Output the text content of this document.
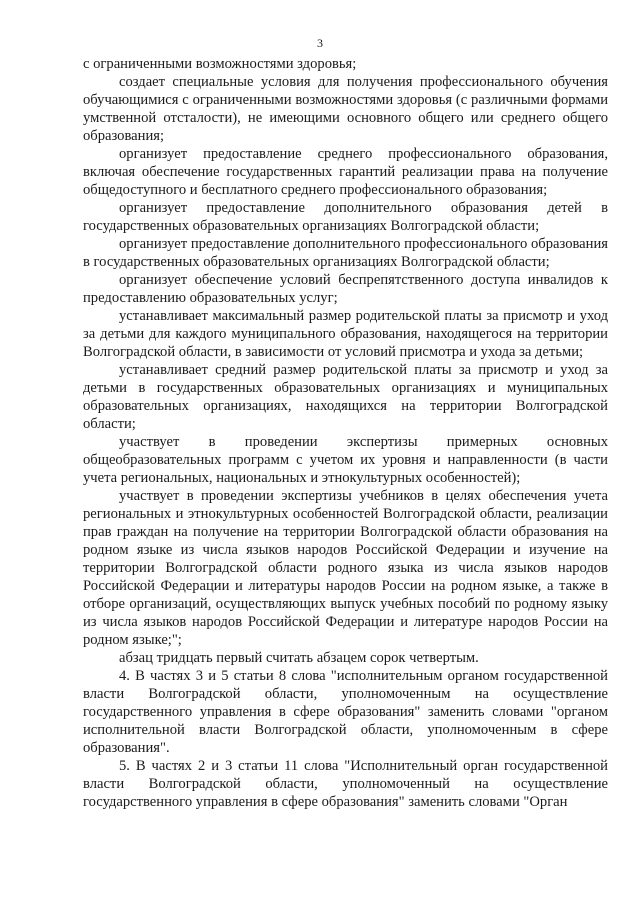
3

с ограниченными возможностями здоровья;

создает специальные условия для получения профессионального обучения обучающимися с ограниченными возможностями здоровья (с различными формами умственной отсталости), не имеющими основного общего или среднего общего образования;

организует предоставление среднего профессионального образования, включая обеспечение государственных гарантий реализации права на получение общедоступного и бесплатного среднего профессионального образования;

организует предоставление дополнительного образования детей в государственных образовательных организациях Волгоградской области;

организует предоставление дополнительного профессионального образования в государственных образовательных организациях Волгоградской области;

организует обеспечение условий беспрепятственного доступа инвалидов к предоставлению образовательных услуг;

устанавливает максимальный размер родительской платы за присмотр и уход за детьми для каждого муниципального образования, находящегося на территории Волгоградской области, в зависимости от условий присмотра и ухода за детьми;

устанавливает средний размер родительской платы за присмотр и уход за детьми в государственных образовательных организациях и муниципальных образовательных организациях, находящихся на территории Волгоградской области;

участвует в проведении экспертизы примерных основных общеобразовательных программ с учетом их уровня и направленности (в части учета региональных, национальных и этнокультурных особенностей);

участвует в проведении экспертизы учебников в целях обеспечения учета региональных и этнокультурных особенностей Волгоградской области, реализации прав граждан на получение на территории Волгоградской области образования на родном языке из числа языков народов Российской Федерации и изучение на территории Волгоградской области родного языка из числа языков народов Российской Федерации и литературы народов России на родном языке, а также в отборе организаций, осуществляющих выпуск учебных пособий по родному языку из числа языков народов Российской Федерации и литературе народов России на родном языке;";

абзац тридцать первый считать абзацем сорок четвертым.

4. В частях 3 и 5 статьи 8 слова "исполнительным органом государственной власти Волгоградской области, уполномоченным на осуществление государственного управления в сфере образования" заменить словами "органом исполнительной власти Волгоградской области, уполномоченным в сфере образования".

5. В частях 2 и 3 статьи 11 слова "Исполнительный орган государственной власти Волгоградской области, уполномоченный на осуществление государственного управления в сфере образования" заменить словами "Орган
